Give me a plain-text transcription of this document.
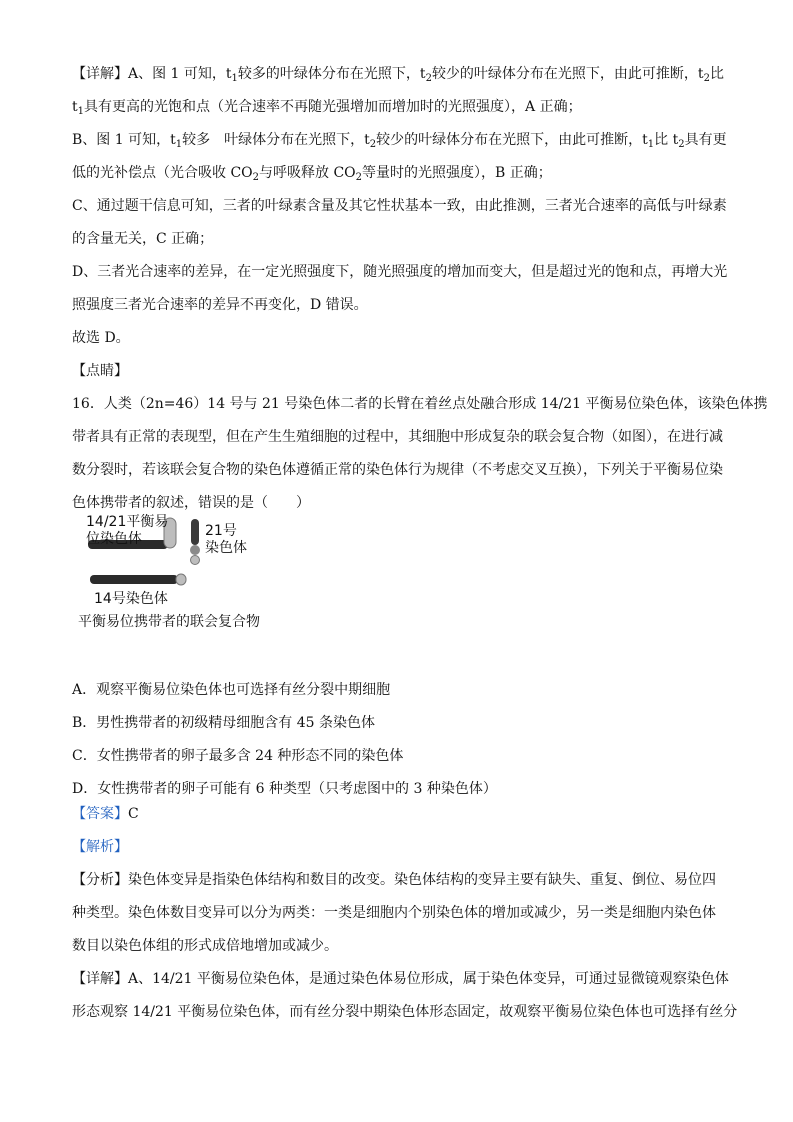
【详解】A、图 1 可知，$t_1$较多的叶绿体分布在光照下，$t_2$较少的叶绿体分布在光照下，由此可推断，$t_2$比
$t_1$具有更高的光饱和点（光合速率不再随光强增加而增加时的光照强度），A 正确；
B、图 1 可知，$t_1$较多　叶绿体分布在光照下，$t_2$较少的叶绿体分布在光照下，由此可推断，$t_1$比 $t_2$具有更
低的光补偿点（光合吸收 $CO_2$与呼吸释放 $CO_2$等量时的光照强度），B 正确；
C、通过题干信息可知，三者的叶绿素含量及其它性状基本一致，由此推测，三者光合速率的高低与叶绿素
的含量无关，C 正确；
D、三者光合速率的差异，在一定光照强度下，随光照强度的增加而变大，但是超过光的饱和点，再增大光
照强度三者光合速率的差异不再变化，D 错误。
故选 D。
【点睛】
16．人类（2n=46）14 号与 21 号染色体二者的长臂在着丝点处融合形成 14/21 平衡易位染色体，该染色体携
带者具有正常的表现型，但在产生生殖细胞的过程中，其细胞中形成复杂的联会复合物（如图），在进行减
数分裂时，若该联会复合物的染色体遵循正常的染色体行为规律（不考虑交叉互换），下列关于平衡易位染
色体携带者的叙述，错误的是（　　）
14/21平衡易
位染色体	21号
染色体
14号染色体
平衡易位携带者的联会复合物
A．观察平衡易位染色体也可选择有丝分裂中期细胞
B．男性携带者的初级精母细胞含有 45 条染色体
C．女性携带者的卵子最多含 24 种形态不同的染色体
D．女性携带者的卵子可能有 6 种类型（只考虑图中的 3 种染色体）
【答案】C
【解析】
【分析】染色体变异是指染色体结构和数目的改变。染色体结构的变异主要有缺失、重复、倒位、易位四
种类型。染色体数目变异可以分为两类：一类是细胞内个别染色体的增加或减少，另一类是细胞内染色体
数目以染色体组的形式成倍地增加或减少。
【详解】A、14/21 平衡易位染色体，是通过染色体易位形成，属于染色体变异，可通过显微镜观察染色体
形态观察 14/21 平衡易位染色体，而有丝分裂中期染色体形态固定，故观察平衡易位染色体也可选择有丝分
